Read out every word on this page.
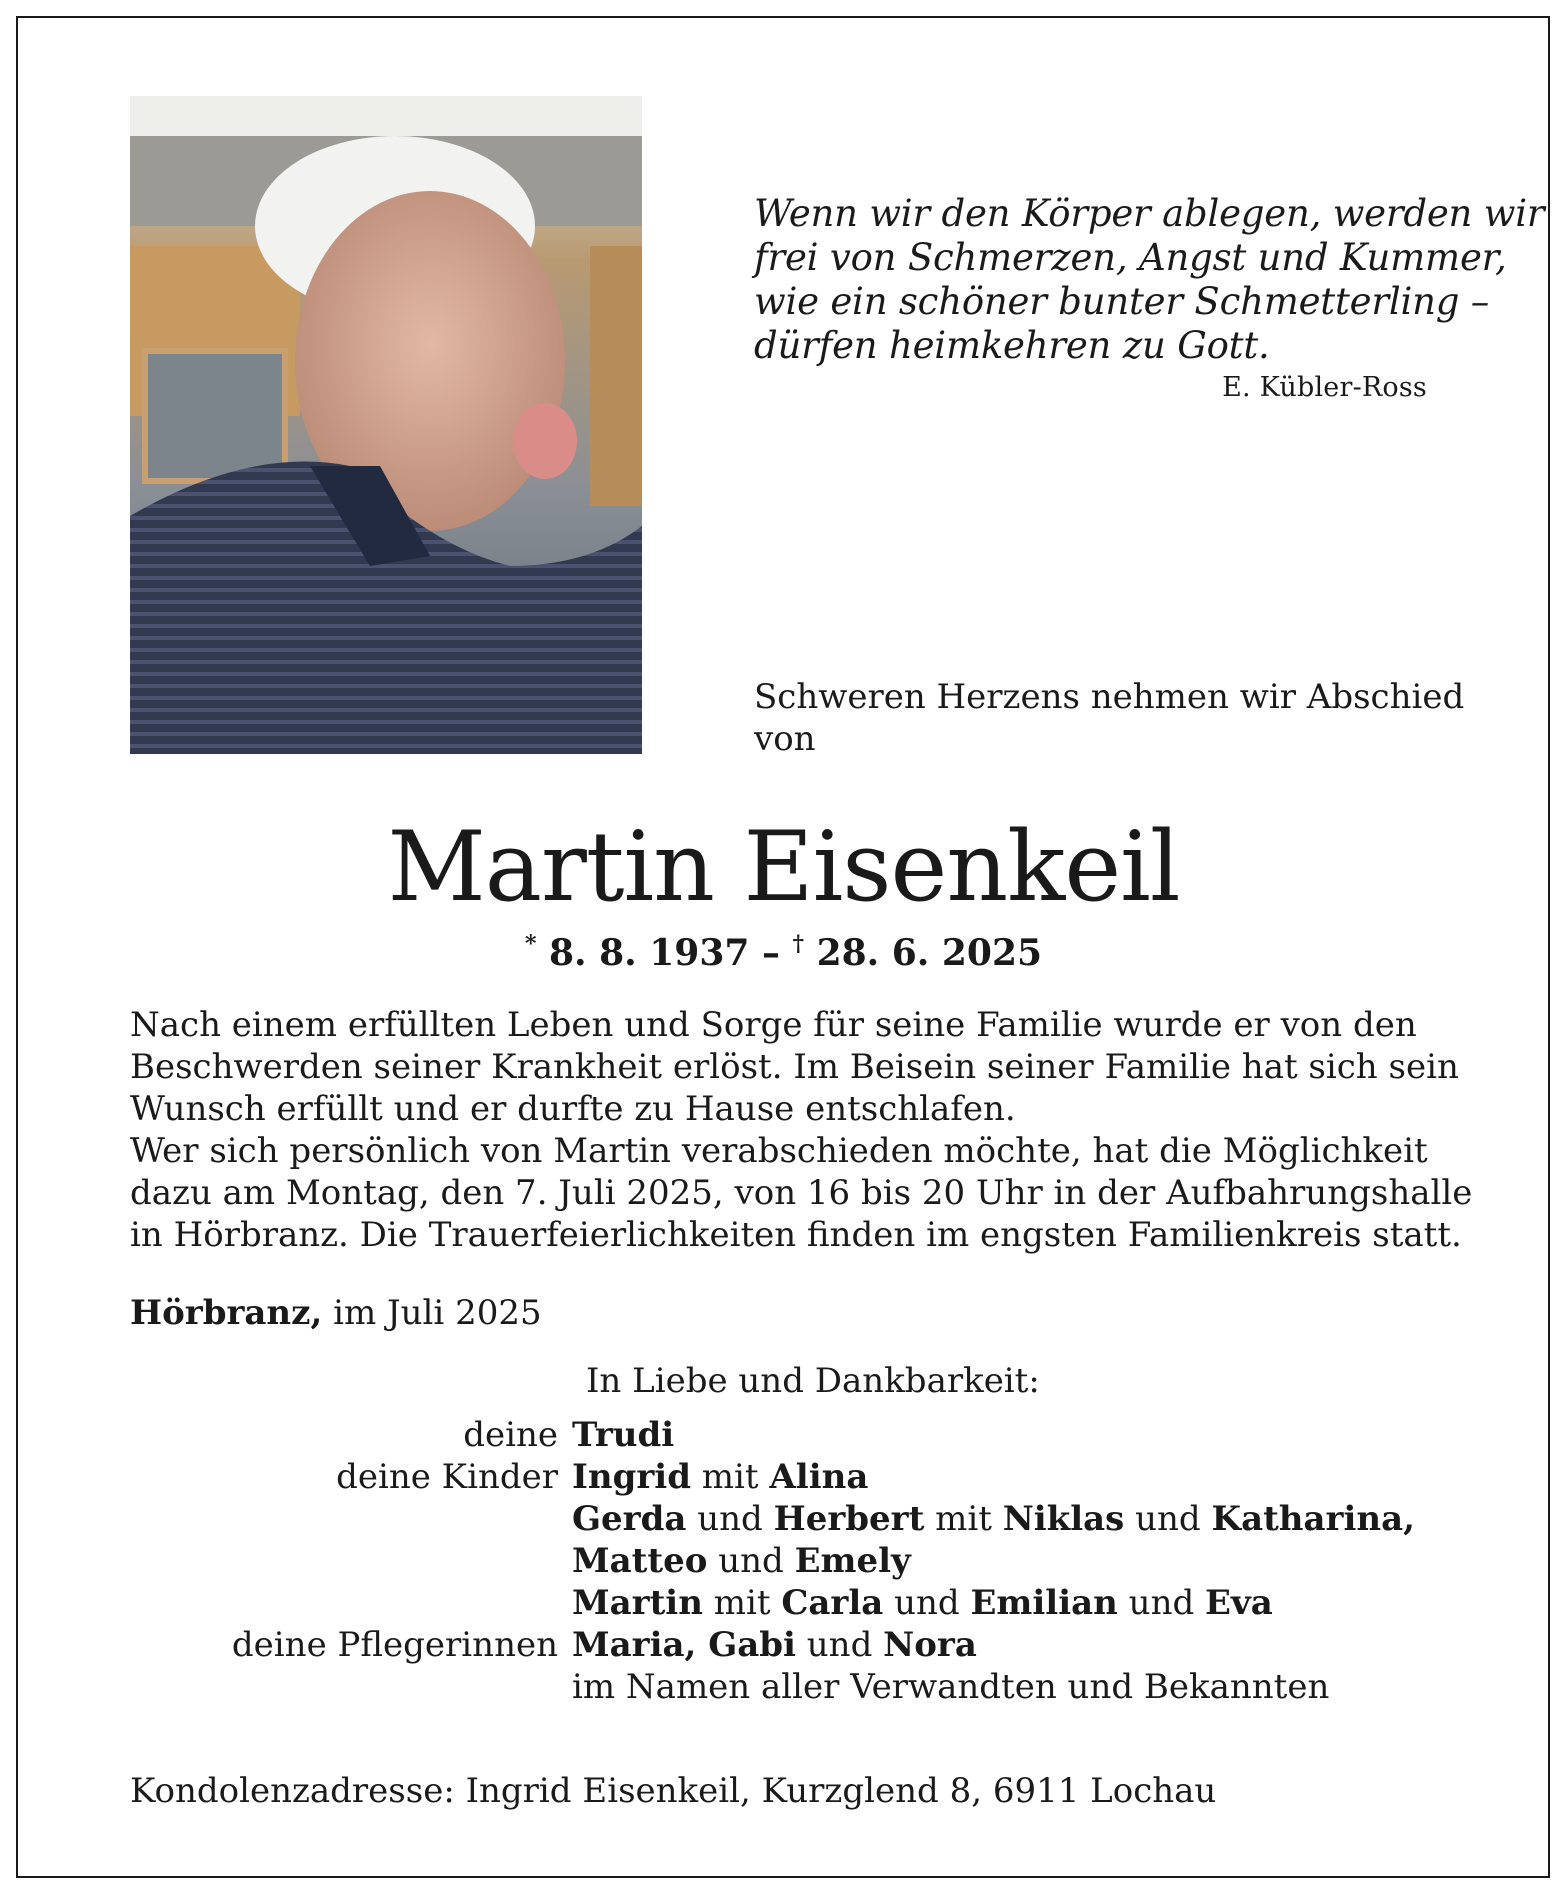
Wenn wir den Körper ablegen, werden wir
frei von Schmerzen, Angst und Kummer,
wie ein schöner bunter Schmetterling –
dürfen heimkehren zu Gott.
E. Kübler-Ross
Schweren Herzens nehmen wir Abschied
von
Martin Eisenkeil
* 8. 8. 1937 – † 28. 6. 2025
Nach einem erfüllten Leben und Sorge für seine Familie wurde er von den
Beschwerden seiner Krankheit erlöst. Im Beisein seiner Familie hat sich sein
Wunsch erfüllt und er durfte zu Hause entschlafen.
Wer sich persönlich von Martin verabschieden möchte, hat die Möglichkeit
dazu am Montag, den 7. Juli 2025, von 16 bis 20 Uhr in der Aufbahrungshalle
in Hörbranz. Die Trauerfeierlichkeiten finden im engsten Familienkreis statt.
Hörbranz, im Juli 2025
In Liebe und Dankbarkeit:
deine Trudi
deine Kinder Ingrid mit Alina
Gerda und Herbert mit Niklas und Katharina,
Matteo und Emely
Martin mit Carla und Emilian und Eva
deine Pflegerinnen Maria, Gabi und Nora
im Namen aller Verwandten und Bekannten
Kondolenzadresse: Ingrid Eisenkeil, Kurzglend 8, 6911 Lochau
